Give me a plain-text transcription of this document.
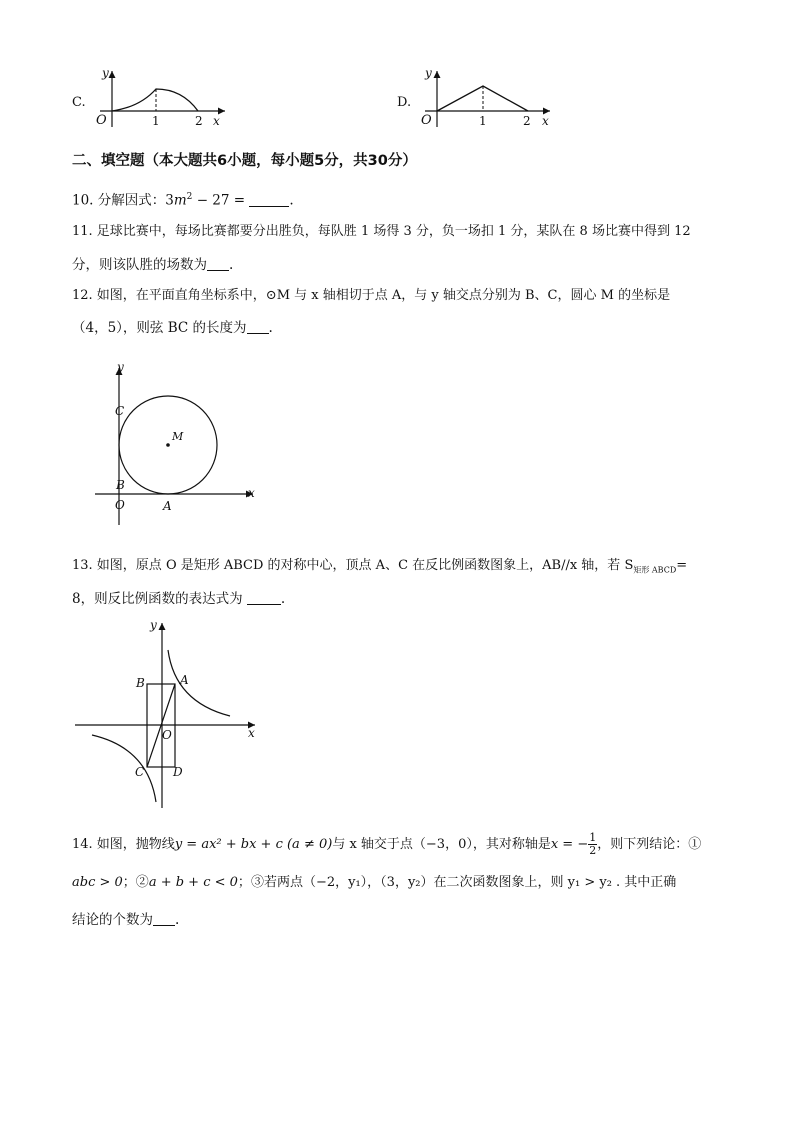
C.
y
O	1	2 x
D.
y
O	1	2 x
二、填空题（本大题共6小题，每小题5分，共30分）
10. 分解因式：$3m^2 - 27$ =	.
11. 足球比赛中，每场比赛都要分出胜负，每队胜 1 场得 3 分，负一场扣 1 分，某队在 8 场比赛中得到 12
分，则该队胜的场数为 .
12. 如图，在平面直角坐标系中，⊙M 与 x 轴相切于点 A，与 y 轴交点分别为 B、C，圆心 M 的坐标是
（4，5），则弦 BC 的长度为 .
y
C
M
B
O	A
x
13. 如图，原点 O 是矩形 ABCD 的对称中心，顶点 A、C 在反比例函数图象上，AB//x 轴，若 $S_{矩形 ABCD}=$
8，则反比例函数的表达式为	.
y
B	A
O	x
C D
14. 如图，抛物线y = ax² + bx + c (a ≠ 0)与 x 轴交于点（−3，0），其对称轴是x = − $\frac{1}{2}$ ，则下列结论：①
abc > 0；②a + b + c < 0；③若两点（−2，y₁），（3，y₂）在二次函数图象上，则 y₁ > y₂ . 其中正确
结论的个数为 .
